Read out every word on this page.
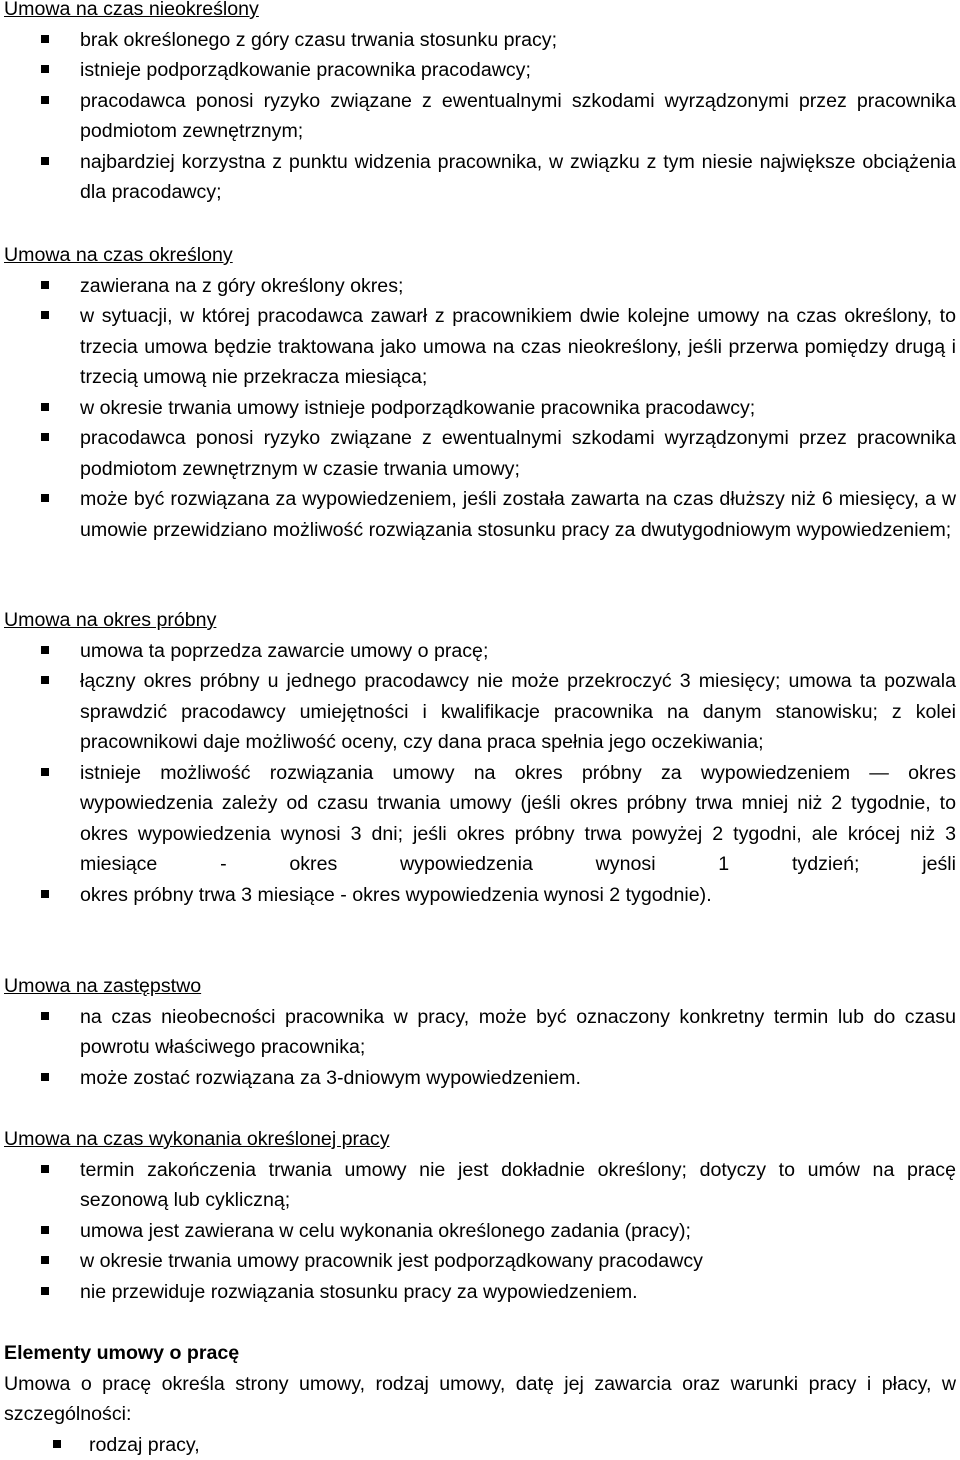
Umowa na czas nieokreślony
brak określonego z góry czasu trwania stosunku pracy;
istnieje podporządkowanie pracownika pracodawcy;
pracodawca ponosi ryzyko związane z ewentualnymi szkodami wyrządzonymi przez pracownika podmiotom zewnętrznym;
najbardziej korzystna z punktu widzenia pracownika, w związku z tym niesie największe obciążenia dla pracodawcy;
Umowa na czas określony
zawierana na z góry określony okres;
w sytuacji, w której pracodawca zawarł z pracownikiem dwie kolejne umowy na czas określony, to trzecia umowa będzie traktowana jako umowa na czas nieokreślony, jeśli przerwa pomiędzy drugą i trzecią umową nie przekracza miesiąca;
w okresie trwania umowy istnieje podporządkowanie pracownika pracodawcy;
pracodawca ponosi ryzyko związane z ewentualnymi szkodami wyrządzonymi przez pracownika podmiotom zewnętrznym w czasie trwania umowy;
może być rozwiązana za wypowiedzeniem, jeśli została zawarta na czas dłuższy niż 6 miesięcy, a w umowie przewidziano możliwość rozwiązania stosunku pracy za dwutygodniowym wypowiedzeniem;
Umowa na okres próbny
umowa ta poprzedza zawarcie umowy o pracę;
łączny okres próbny u jednego pracodawcy nie może przekroczyć 3 miesięcy; umowa ta pozwala sprawdzić pracodawcy umiejętności i kwalifikacje pracownika na danym stanowisku; z kolei pracownikowi daje możliwość oceny, czy dana praca spełnia jego oczekiwania;
istnieje możliwość rozwiązania umowy na okres próbny za wypowiedzeniem ― okres wypowiedzenia zależy od czasu trwania umowy (jeśli okres próbny trwa mniej niż 2 tygodnie, to okres wypowiedzenia wynosi 3 dni; jeśli okres próbny trwa powyżej 2 tygodni, ale krócej niż 3 miesiące - okres wypowiedzenia wynosi 1 tydzień; jeśli
okres próbny trwa 3 miesiące - okres wypowiedzenia wynosi 2 tygodnie).
Umowa na zastępstwo
na czas nieobecności pracownika w pracy, może być oznaczony konkretny termin lub do czasu powrotu właściwego pracownika;
może zostać rozwiązana za 3-dniowym wypowiedzeniem.
Umowa na czas wykonania określonej pracy
termin zakończenia trwania umowy nie jest dokładnie określony; dotyczy to umów na pracę sezonową lub cykliczną;
umowa jest zawierana w celu wykonania określonego zadania (pracy);
w okresie trwania umowy pracownik jest podporządkowany pracodawcy
nie przewiduje rozwiązania stosunku pracy za wypowiedzeniem.
Elementy umowy o pracę

Umowa o pracę określa strony umowy, rodzaj umowy, datę jej zawarcia oraz warunki pracy i płacy, w szczególności:

rodzaj pracy,
